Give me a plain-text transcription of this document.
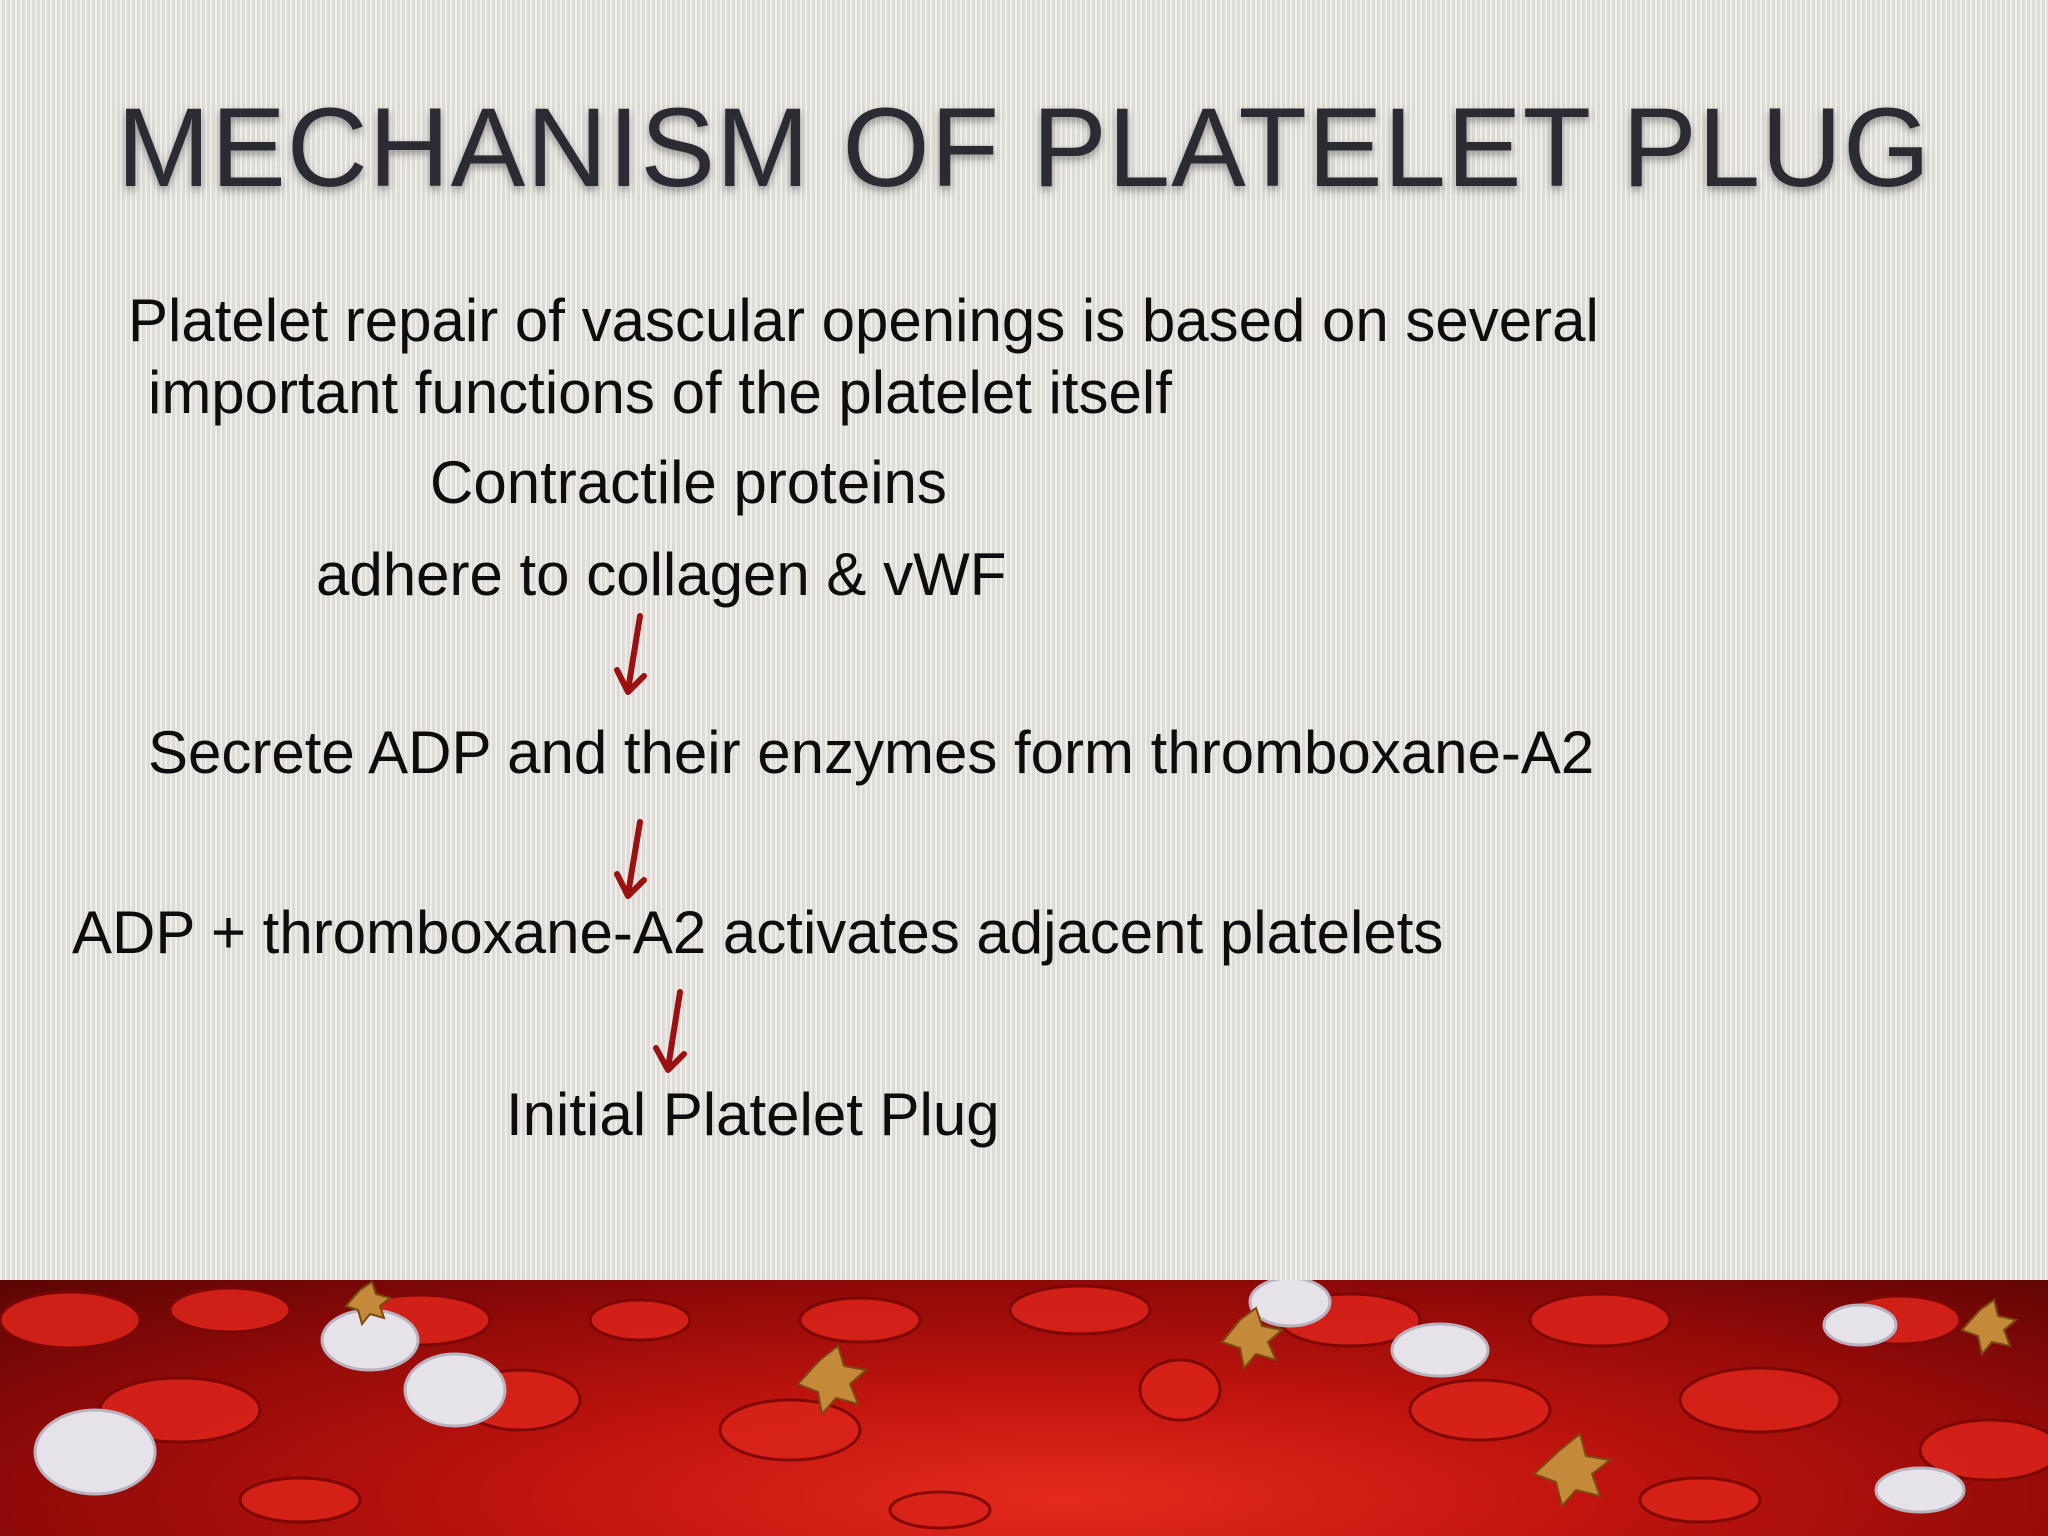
MECHANISM OF PLATELET PLUG
Platelet repair of vascular openings is based on several
important functions of the platelet itself
Contractile proteins
adhere to collagen & vWF
Secrete ADP and their enzymes form thromboxane-A2
ADP + thromboxane-A2 activates adjacent platelets
Initial Platelet Plug
